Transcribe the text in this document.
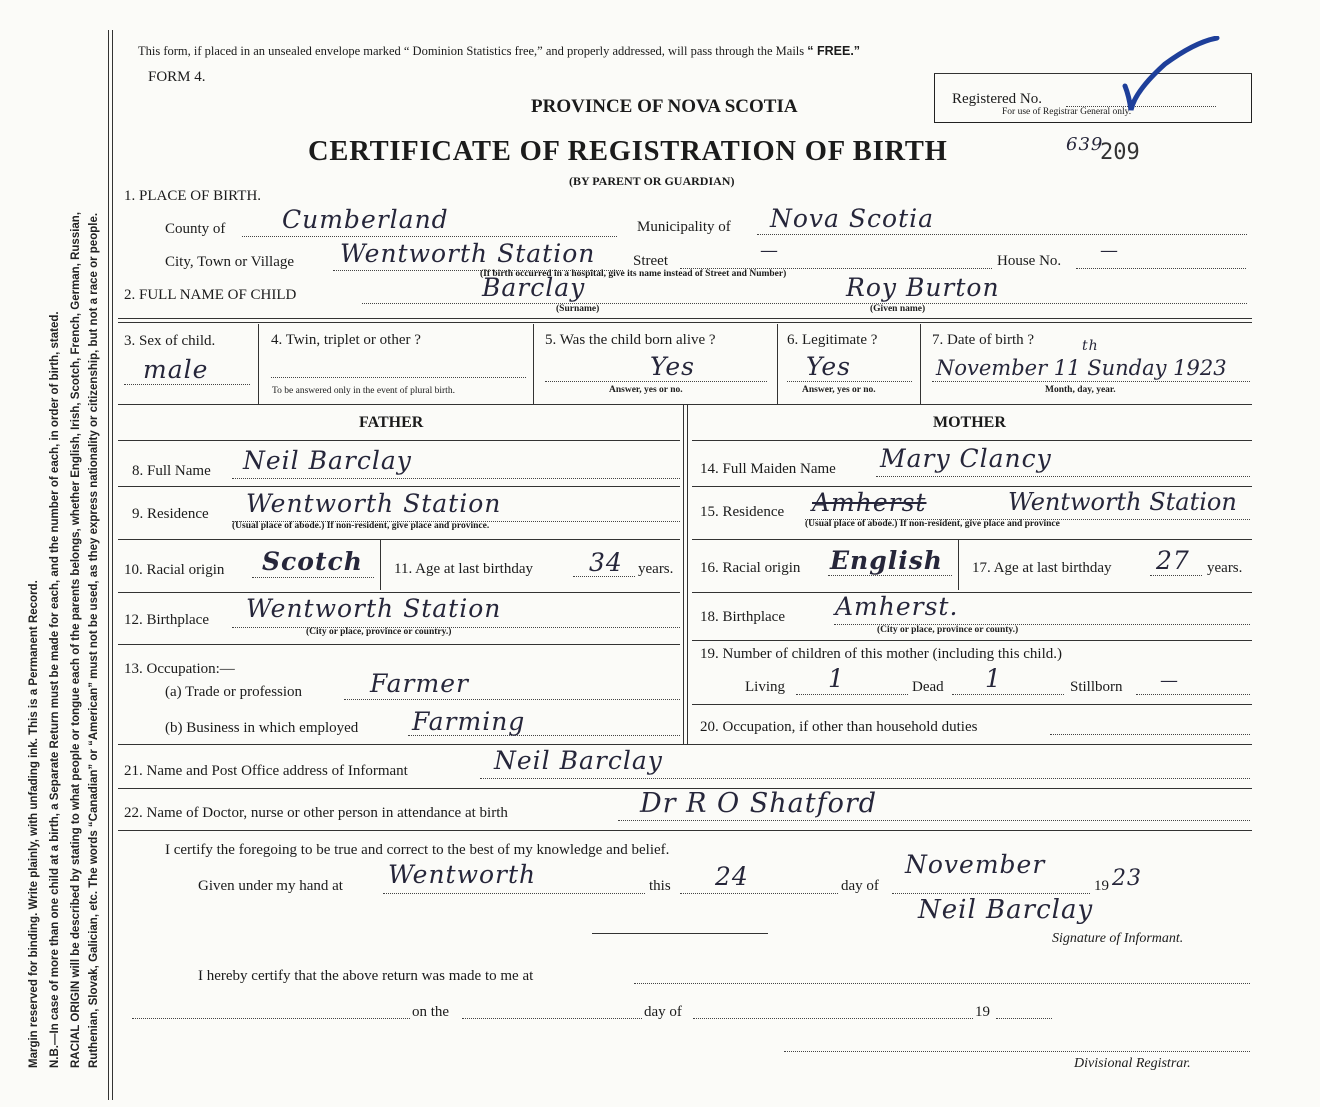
Margin reserved for binding. Write plainly, with unfading ink. This is a Permanent Record. N.B.—In case of more than one child at a birth, a Separate Return must be made for each, and the number of each, in order of birth, stated. RACIAL ORIGIN will be described by stating to what people or tongue each of the parents belongs, whether English, Irish, Scotch, French, German, Russian, Ruthenian, Slovak, Galician, etc. The words “Canadian” or “American” must not be used, as they express nationality or citizenship, but not a race or people.
This form, if placed in an unsealed envelope marked “ Dominion Statistics free,” and properly addressed, will pass through the Mails “ FREE.”
FORM 4.
PROVINCE OF NOVA SCOTIA
CERTIFICATE OF REGISTRATION OF BIRTH	639
209
(BY PARENT OR GUARDIAN)
Registered No.
For use of Registrar General only.
1. PLACE OF BIRTH.
County of Cumberland	Municipality of Nova Scotia
City, Town or Village Wentworth Station	Street	—	House No. —
(If birth occurred in a hospital, give its name instead of Street and Number)
2. FULL NAME OF CHILD	Barclay	Roy Burton
(Surname)	(Given name)
3. Sex of child.
male
4. Twin, triplet or other ?
To be answered only in the event of plural birth.
5. Was the child born alive ?
Yes
Answer, yes or no.
6. Legitimate ?
Yes
Answer, yes or no.
7. Date of birth ?
November 11 Sunday 1923
th
Month, day, year.
FATHER	MOTHER
8. Full Name Neil Barclay
9. Residence Wentworth Station
(Usual place of abode.) If non-resident, give place and province.
10. Racial origin Scotch 11. Age at last birthday 34 years.
12. Birthplace Wentworth Station
(City or place, province or country.)
13. Occupation:—
(a) Trade or profession	Farmer
(b) Business in which employed Farming
14. Full Maiden Name Mary Clancy
15. Residence Amherst	Wentworth Station
(Usual place of abode.) If non-resident, give place and province
16. Racial origin English 17. Age at last birthday 27 years.
18. Birthplace Amherst.
(City or place, province or county.)
19. Number of children of this mother (including this child.)
Living 1	Dead 1	Stillborn —
20. Occupation, if other than household duties
21. Name and Post Office address of Informant	Neil Barclay
22. Name of Doctor, nurse or other person in attendance at birth	Dr R O Shatford
I certify the foregoing to be true and correct to the best of my knowledge and belief.
Given under my hand at Wentworth	this 24	day of
November
19 23
Neil Barclay
Signature of Informant.
I hereby certify that the above return was made to me at
on the	day of	19
Divisional Registrar.
